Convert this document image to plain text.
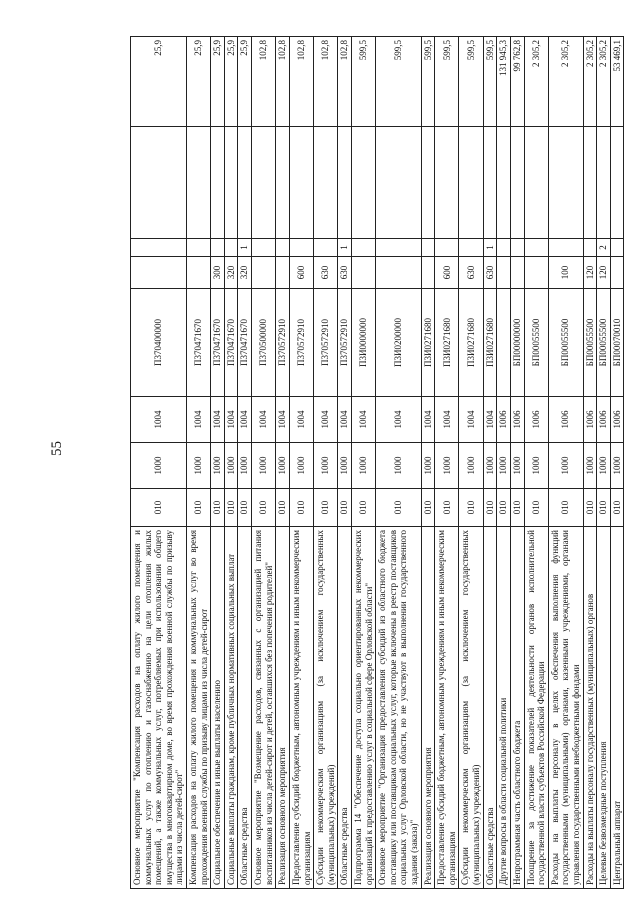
55
Основное мероприятие "Компенсация расходов на оплату жилого помещения и коммунальных услуг по отоплению и газоснабжению на цели отопления жилых помещений, а также коммунальных услуг, потребляемых при использовании общего имущества в многоквартирном доме, во время прохождения военной службы по призыву лицами из числа детей-сирот"	010	1000	1004	П370400000				25,9
Компенсация расходов на оплату жилого помещения и коммунальных услуг во время прохождения военной службы по призыву лицами из числа детей-сирот	010	1000	1004	П370471670				25,9
Социальное обеспечение и иные выплаты населению	010	1000	1004	П370471670	300			25,9
Социальные выплаты гражданам, кроме публичных нормативных социальных выплат	010	1000	1004	П370471670	320			25,9
Областные средства	010	1000	1004	П370471670	320	1		25,9
Основное мероприятие "Возмещение расходов, связанных с организацией питания воспитанников из числа детей-сирот и детей, оставшихся без попечения родителей"	010	1000	1004	П370500000				102,8
Реализация основного мероприятия	010	1000	1004	П370572910				102,8
Предоставление субсидий бюджетным, автономным учреждениям и иным некоммерческим организациям	010	1000	1004	П370572910	600			102,8
Субсидии некоммерческим организациям (за исключением государственных (муниципальных) учреждений)	010	1000	1004	П370572910	630			102,8
Областные средства	010	1000	1004	П370572910	630	1		102,8
Подпрограмма 14 "Обеспечение доступа социально ориентированных некоммерческих организаций к предоставлению услуг в социальной сфере Орловской области"	010	1000	1004	П3И0000000				599,5
Основное мероприятие "Организация предоставления субсидий из областного бюджета поставщику или поставщикам социальных услуг, которые включены в реестр поставщиков социальных услуг Орловской области, но не участвуют в выполнении государственного задания (заказа)"	010	1000	1004	П3И0200000				599,5
Реализация основного мероприятия	010	1000	1004	П3И0271680				599,5
Предоставление субсидий бюджетным, автономным учреждениям и иным некоммерческим организациям	010	1000	1004	П3И0271680	600			599,5
Субсидии некоммерческим организациям (за исключением государственных (муниципальных) учреждений)	010	1000	1004	П3И0271680	630			599,5
Областные средства	010	1000	1004	П3И0271680	630	1		599,5
Другие вопросы в области социальной политики	010	1000	1006					131 945,3
Непрограммная часть областного бюджета	010	1000	1006	БП00000000				99 762,8
Поощрение за достижение показателей деятельности органов исполнительной государственной власти субъектов Российской Федерации	010	1000	1006	БП00055500				2 305,2
Расходы на выплаты персоналу в целях обеспечения выполнения функций государственными (муниципальными) органами, казенными учреждениями, органами управления государственными внебюджетными фондами	010	1000	1006	БП00055500	100			2 305,2
Расходы на выплаты персоналу государственных (муниципальных) органов	010	1000	1006	БП00055500	120			2 305,2
Целевые безвозмездные поступления	010	1000	1006	БП00055500	120	2		2 305,2
Центральный аппарат	010	1000	1006	БП00070010				53 469,1
